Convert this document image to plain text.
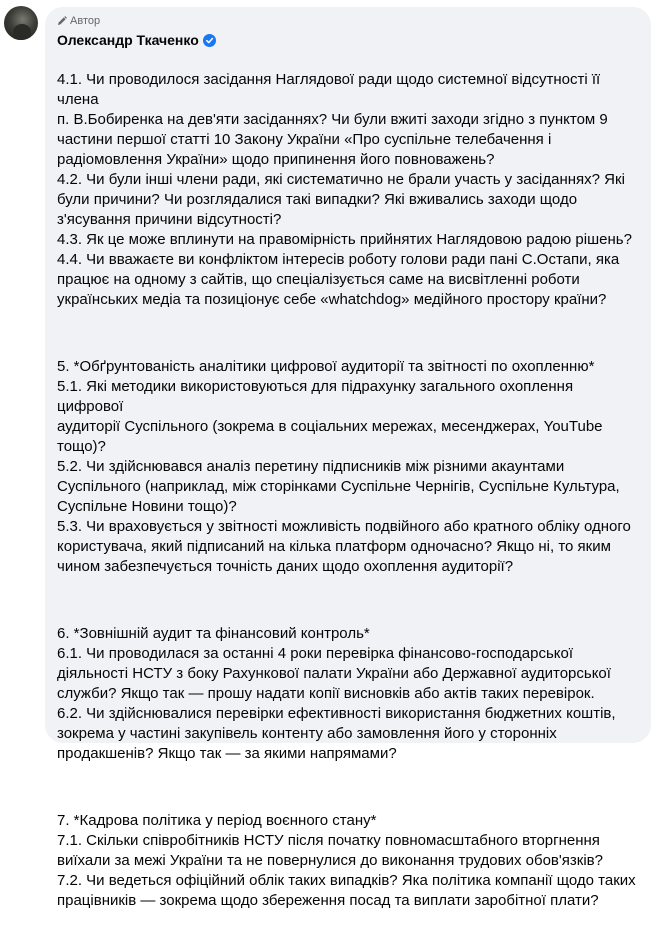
Автор
Олександр Ткаченко

4.1. Чи проводилося засідання Наглядової ради щодо системної відсутності її члена
п. В.Бобиренка на дев'яти засіданнях? Чи були вжиті заходи згідно з пунктом 9
частини першої статті 10 Закону України «Про суспільне телебачення і
радіомовлення України» щодо припинення його повноважень?
4.2. Чи були інші члени ради, які систематично не брали участь у засіданнях? Які
були причини? Чи розглядалися такі випадки? Які вживались заходи щодо
з'ясування причини відсутності?
4.3. Як це може вплинути на правомірність прийнятих Наглядовою радою рішень?
4.4. Чи вважаєте ви конфліктом інтересів роботу голови ради пані С.Остапи, яка
працює на одному з сайтів, що спеціалізується саме на висвітленні роботи
українських медіа та позиціонує себе «whatchdog» медійного простору країни?

5. *Обґрунтованість аналітики цифрової аудиторії та звітності по охопленню*
5.1. Які методики використовуються для підрахунку загального охоплення цифрової
аудиторії Суспільного (зокрема в соціальних мережах, месенджерах, YouTube
тощо)?
5.2. Чи здійснювався аналіз перетину підписників між різними акаунтами
Суспільного (наприклад, між сторінками Суспільне Чернігів, Суспільне Культура,
Суспільне Новини тощо)?
5.3. Чи враховується у звітності можливість подвійного або кратного обліку одного
користувача, який підписаний на кілька платформ одночасно? Якщо ні, то яким
чином забезпечується точність даних щодо охоплення аудиторії?

6. *Зовнішній аудит та фінансовий контроль*
6.1. Чи проводилася за останні 4 роки перевірка фінансово-господарської
діяльності НСТУ з боку Рахункової палати України або Державної аудиторської
служби? Якщо так — прошу надати копії висновків або актів таких перевірок.
6.2. Чи здійснювалися перевірки ефективності використання бюджетних коштів,
зокрема у частині закупівель контенту або замовлення його у сторонніх
продакшенів? Якщо так — за якими напрямами?

7. *Кадрова політика у період воєнного стану*
7.1. Скільки співробітників НСТУ після початку повномасштабного вторгнення
виїхали за межі України та не повернулися до виконання трудових обов'язків?
7.2. Чи ведеться офіційний облік таких випадків? Яка політика компанії щодо таких
працівників — зокрема щодо збереження посад та виплати заробітної плати?
